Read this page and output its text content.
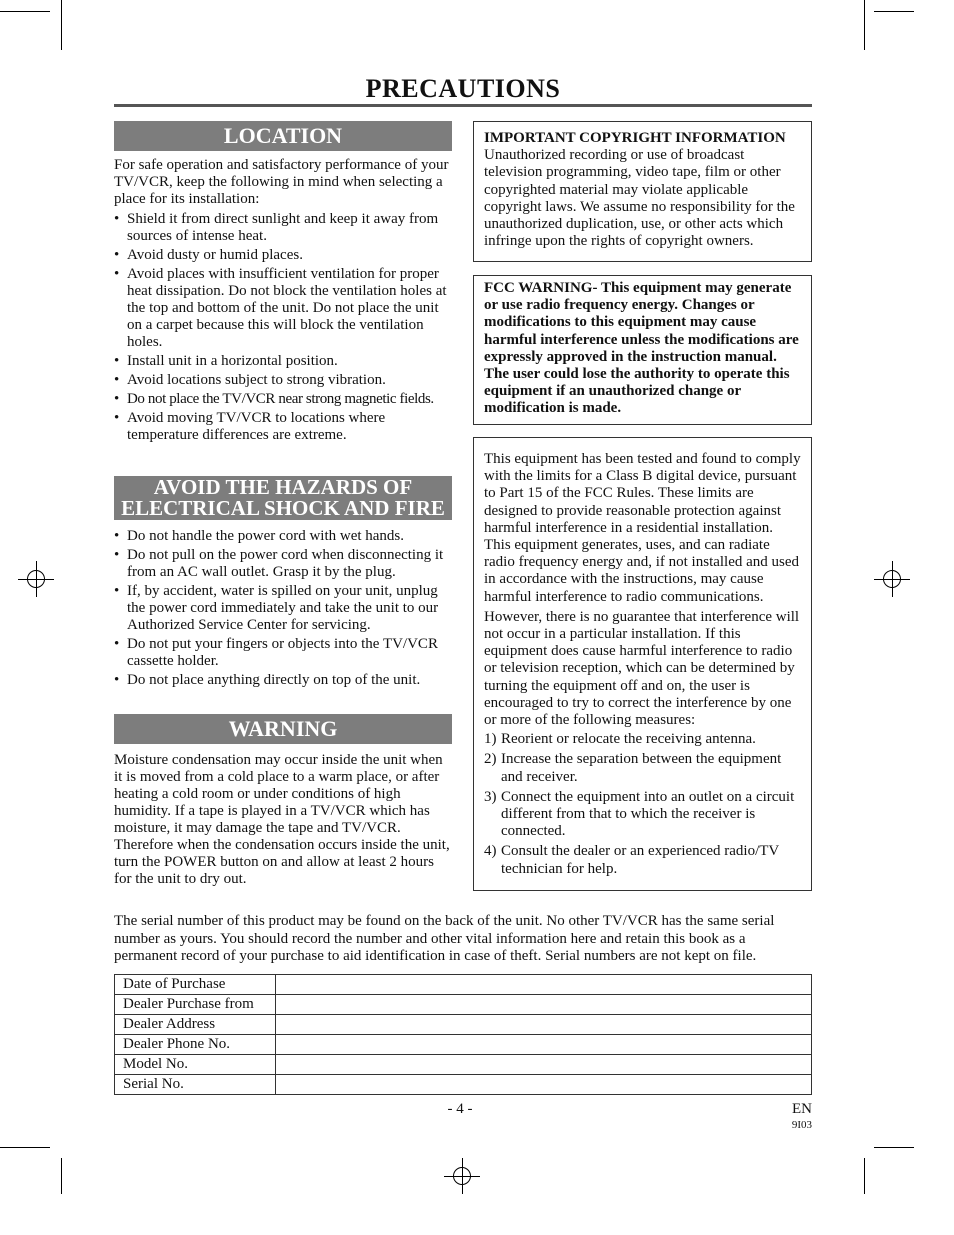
PRECAUTIONS
LOCATION

For safe operation and satisfactory performance of your TV/VCR, keep the following in mind when selecting a place for its installation:

• Shield it from direct sunlight and keep it away from sources of intense heat.
• Avoid dusty or humid places.
• Avoid places with insufficient ventilation for proper heat dissipation. Do not block the ventilation holes at the top and bottom of the unit. Do not place the unit on a carpet because this will block the ventilation holes.
• Install unit in a horizontal position.
• Avoid locations subject to strong vibration.
• Do not place the TV/VCR near strong magnetic fields.
• Avoid moving TV/VCR to locations where temperature differences are extreme.
AVOID THE HAZARDS OF
ELECTRICAL SHOCK AND FIRE
• Do not handle the power cord with wet hands.
• Do not pull on the power cord when disconnecting it from an AC wall outlet. Grasp it by the plug.
• If, by accident, water is spilled on your unit, unplug the power cord immediately and take the unit to our Authorized Service Center for servicing.
• Do not put your fingers or objects into the TV/VCR cassette holder.
• Do not place anything directly on top of the unit.
WARNING

Moisture condensation may occur inside the unit when it is moved from a cold place to a warm place, or after heating a cold room or under conditions of high humidity. If a tape is played in a TV/VCR which has moisture, it may damage the tape and TV/VCR. Therefore when the condensation occurs inside the unit, turn the POWER button on and allow at least 2 hours for the unit to dry out.

IMPORTANT COPYRIGHT INFORMATION
Unauthorized recording or use of broadcast television programming, video tape, film or other copyrighted material may violate applicable copyright laws. We assume no responsibility for the unauthorized duplication, use, or other acts which infringe upon the rights of copyright owners.
FCC WARNING- This equipment may generate or use radio frequency energy. Changes or modifications to this equipment may cause harmful interference unless the modifications are expressly approved in the instruction manual. The user could lose the authority to operate this equipment if an unauthorized change or modification is made.

This equipment has been tested and found to comply with the limits for a Class B digital device, pursuant to Part 15 of the FCC Rules. These limits are designed to provide reasonable protection against harmful interference in a residential installation. This equipment generates, uses, and can radiate radio frequency energy and, if not installed and used in accordance with the instructions, may cause harmful interference to radio communications.

However, there is no guarantee that interference will not occur in a particular installation. If this equipment does cause harmful interference to radio or television reception, which can be determined by turning the equipment off and on, the user is encouraged to try to correct the interference by one or more of the following measures:

1) Reorient or relocate the receiving antenna.
2) Increase the separation between the equipment and receiver.
3) Connect the equipment into an outlet on a circuit different from that to which the receiver is connected.
4) Consult the dealer or an experienced radio/TV technician for help.
The serial number of this product may be found on the back of the unit. No other TV/VCR has the same serial number as yours. You should record the number and other vital information here and retain this book as a permanent record of your purchase to aid identification in case of theft. Serial numbers are not kept on file.
Date of Purchase	
Dealer Purchase from	
Dealer Address	
Dealer Phone No.	
Model No.	
Serial No.	
- 4 -	EN
9I03
